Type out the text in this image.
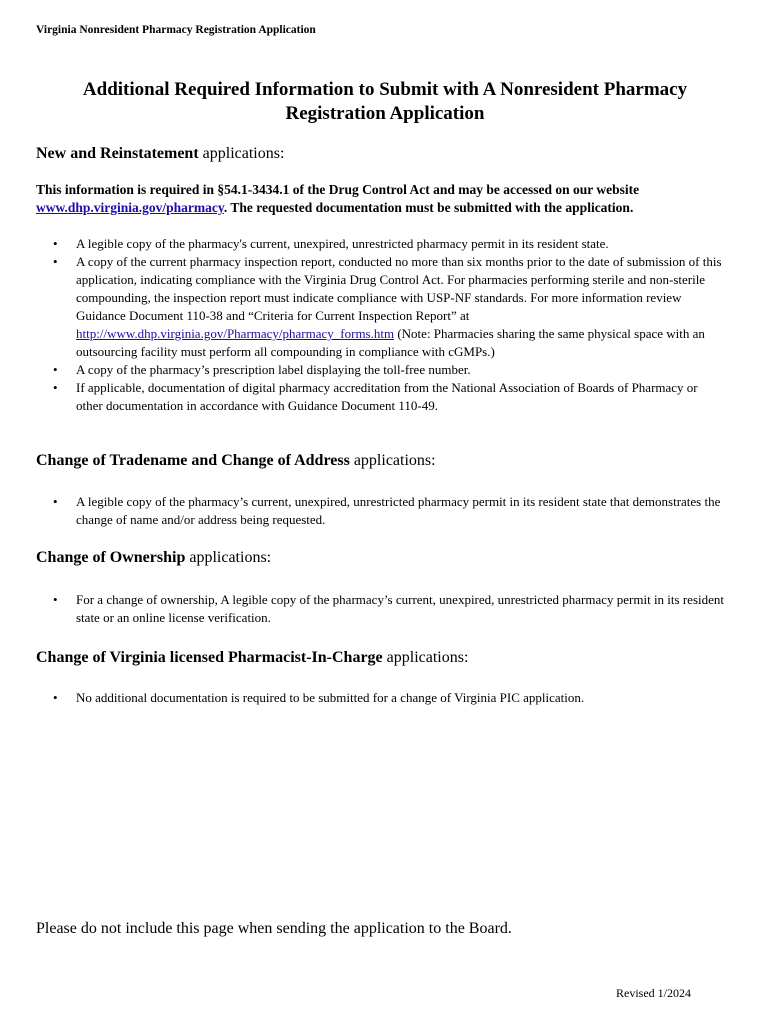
Virginia Nonresident Pharmacy Registration Application
Additional Required Information to Submit with A Nonresident Pharmacy
Registration Application
New and Reinstatement applications:
This information is required in §54.1-3434.1 of the Drug Control Act and may be accessed on our website www.dhp.virginia.gov/pharmacy. The requested documentation must be submitted with the application.
• A legible copy of the pharmacy's current, unexpired, unrestricted pharmacy permit in its resident state.
• A copy of the current pharmacy inspection report, conducted no more than six months prior to the date of submission of this application, indicating compliance with the Virginia Drug Control Act. For pharmacies performing sterile and non-sterile compounding, the inspection report must indicate compliance with USP-NF standards. For more information review Guidance Document 110-38 and “Criteria for Current Inspection Report” at http://www.dhp.virginia.gov/Pharmacy/pharmacy_forms.htm (Note: Pharmacies sharing the same physical space with an outsourcing facility must perform all compounding in compliance with cGMPs.)
• A copy of the pharmacy’s prescription label displaying the toll-free number.
• If applicable, documentation of digital pharmacy accreditation from the National Association of Boards of Pharmacy or other documentation in accordance with Guidance Document 110-49.
Change of Tradename and Change of Address applications:
• A legible copy of the pharmacy’s current, unexpired, unrestricted pharmacy permit in its resident state that demonstrates the change of name and/or address being requested.
Change of Ownership applications:
• For a change of ownership, A legible copy of the pharmacy’s current, unexpired, unrestricted pharmacy permit in its resident state or an online license verification.
Change of Virginia licensed Pharmacist-In-Charge applications:
• No additional documentation is required to be submitted for a change of Virginia PIC application.
Please do not include this page when sending the application to the Board.
Revised 1/2024
